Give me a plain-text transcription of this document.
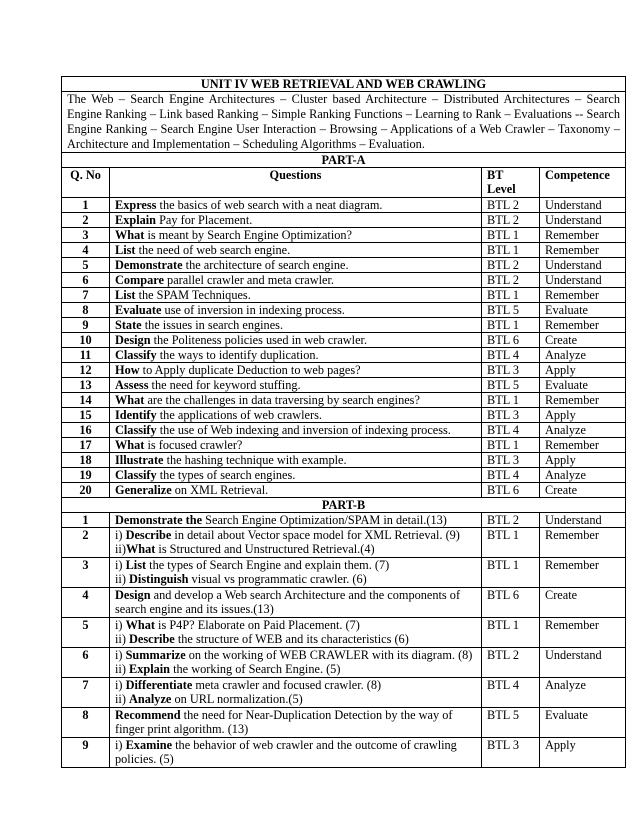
UNIT IV WEB RETRIEVAL AND WEB CRAWLING			
The Web – Search Engine Architectures – Cluster based Architecture – Distributed Architectures – Search Engine Ranking – Link based Ranking – Simple Ranking Functions – Learning to Rank – Evaluations -- Search Engine Ranking – Search Engine User Interaction – Browsing – Applications of a Web Crawler – Taxonomy – Architecture and Implementation – Scheduling Algorithms – Evaluation.			
PART-A			
Q. No	Questions	BT Level	Competence
1	Express the basics of web search with a neat diagram.	BTL 2	Understand
2	Explain Pay for Placement.	BTL 2	Understand
3	What is meant by Search Engine Optimization?	BTL 1	Remember
4	List the need of web search engine.	BTL 1	Remember
5	Demonstrate the architecture of search engine.	BTL 2	Understand
6	Compare parallel crawler and meta crawler.	BTL 2	Understand
7	List the SPAM Techniques.	BTL 1	Remember
8	Evaluate use of inversion in indexing process.	BTL 5	Evaluate
9	State the issues in search engines.	BTL 1	Remember
10	Design the Politeness policies used in web crawler.	BTL 6	Create
11	Classify the ways to identify duplication.	BTL 4	Analyze
12	How to Apply duplicate Deduction to web pages?	BTL 3	Apply
13	Assess the need for keyword stuffing.	BTL 5	Evaluate
14	What are the challenges in data traversing by search engines?	BTL 1	Remember
15	Identify the applications of web crawlers.	BTL 3	Apply
16	Classify the use of Web indexing and inversion of indexing process.	BTL 4	Analyze
17	What is focused crawler?	BTL 1	Remember
18	Illustrate the hashing technique with example.	BTL 3	Apply
19	Classify the types of search engines.	BTL 4	Analyze
20	Generalize on XML Retrieval.	BTL 6	Create
PART-B			
1	Demonstrate the Search Engine Optimization/SPAM in detail.(13)	BTL 2	Understand
2	i) Describe in detail about Vector space model for XML Retrieval. (9)
ii)What is Structured and Unstructured Retrieval.(4)	BTL 1	Remember
3	i) List the types of Search Engine and explain them. (7)
ii) Distinguish visual vs programmatic crawler. (6)	BTL 1	Remember
4	Design and develop a Web search Architecture and the components of
search engine and its issues.(13)	BTL 6	Create
5	i) What is P4P? Elaborate on Paid Placement. (7)
ii) Describe the structure of WEB and its characteristics (6)	BTL 1	Remember
6	i) Summarize on the working of WEB CRAWLER with its diagram. (8)
ii) Explain the working of Search Engine. (5)	BTL 2	Understand
7	i) Differentiate meta crawler and focused crawler. (8)
ii) Analyze on URL normalization.(5)	BTL 4	Analyze
8	Recommend the need for Near-Duplication Detection by the way of
finger print algorithm. (13)	BTL 5	Evaluate
9	i) Examine the behavior of web crawler and the outcome of crawling
policies. (5)	BTL 3	Apply
